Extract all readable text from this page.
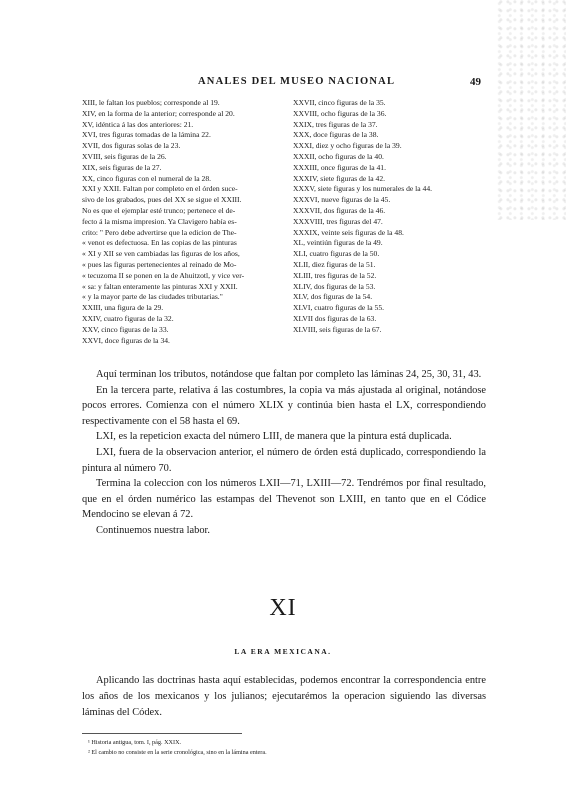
ANALES DEL MUSEO NACIONAL	49
XIII, le faltan los pueblos; corresponde al 19.
XIV, en la forma de la anterior; corresponde al 20.
XV, idéntica á las dos anteriores: 21.
XVI, tres figuras tomadas de la lámina 22.
XVII, dos figuras solas de la 23.
XVIII, seis figuras de la 26.
XIX, seis figuras de la 27.
XX, cinco figuras con el numeral de la 28.
XXI y XXII. Faltan por completo en el órden suce-
sivo de los grabados, pues del XX se sigue el XXIII.
No es que el ejemplar esté trunco; pertenece el de-
fecto á la misma impresion. Ya Clavigero había es-
crito: " Pero debe advertirse que la edicion de The-
« venot es defectuosa. En las copias de las pinturas
« XI y XII se ven cambiadas las figuras de los años,
« pues las figuras pertenecientes al reinado de Mo-
« tecuzoma II se ponen en la de Ahuitzotl, y vice ver-
« sa: y faltan enteramente las pinturas XXI y XXII.
« y la mayor parte de las ciudades tributarias."
XXIII, una figura de la 29.
XXIV, cuatro figuras de la 32.
XXV, cinco figuras de la 33.
XXVI, doce figuras de la 34.
XXVII, cinco figuras de la 35.
XXVIII, ocho figuras de la 36.
XXIX, tres figuras de la 37.
XXX, doce figuras de la 38.
XXXI, diez y ocho figuras de la 39.
XXXII, ocho figuras de la 40.
XXXIII, once figuras de la 41.
XXXIV, siete figuras de la 42.
XXXV, siete figuras y los numerales de la 44.
XXXVI, nueve figuras de la 45.
XXXVII, dos figuras de la 46.
XXXVIII, tres figuras del 47.
XXXIX, veinte seis figuras de la 48.
XL, veintiún figuras de la 49.
XLI, cuatro figuras de la 50.
XLII, diez figuras de la 51.
XLIII, tres figuras de la 52.
XLIV, dos figuras de la 53.
XLV, dos figuras de la 54.
XLVI, cuatro figuras de la 55.
XLVII dos figuras de la 63.
XLVIII, seis figuras de la 67.

Aquí terminan los tributos, notándose que faltan por completo las láminas 24, 25, 30, 31, 43.

En la tercera parte, relativa á las costumbres, la copia va más ajustada al original, notándose pocos errores. Comienza con el número XLIX y continúa bien hasta el LX, correspondiendo respectivamente con el 58 hasta el 69.

LXI, es la repeticion exacta del número LIII, de manera que la pintura está duplicada.

LXI, fuera de la observacion anterior, el número de órden está duplicado, correspondiendo la pintura al número 70.

Termina la coleccion con los números LXII—71, LXIII—72. Tendrémos por final resultado, que en el órden numérico las estampas del Thevenot son LXIII, en tanto que en el Códice Mendocino se elevan á 72.

Continuemos nuestra labor.

XI
LA ERA MEXICANA.

Aplicando las doctrinas hasta aquí establecidas, podemos encontrar la correspondencia entre los años de los mexicanos y los julianos; ejecutarémos la operacion siguiendo las diversas láminas del Códex.

¹ Historia antigua, tom. I, pág. XXIX.
² El cambio no consiste en la serie cronológica, sino en la lámina entera.
